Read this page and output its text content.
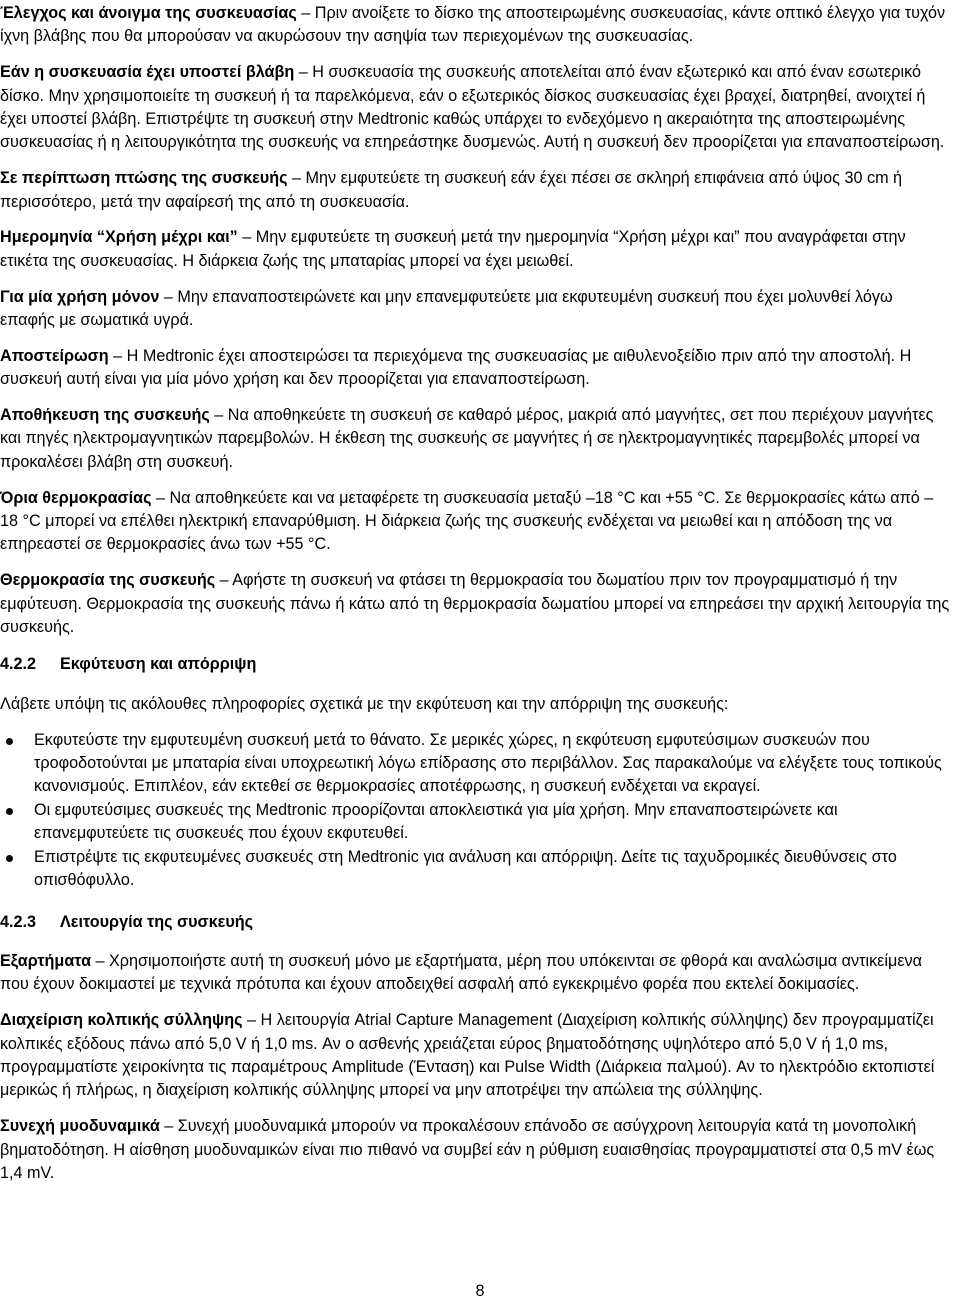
Έλεγχος και άνοιγμα της συσκευασίας – Πριν ανοίξετε το δίσκο της αποστειρωμένης συσκευασίας, κάντε οπτικό έλεγχο για τυχόν ίχνη βλάβης που θα μπορούσαν να ακυρώσουν την ασηψία των περιεχομένων της συσκευασίας.

Εάν η συσκευασία έχει υποστεί βλάβη – Η συσκευασία της συσκευής αποτελείται από έναν εξωτερικό και από έναν εσωτερικό δίσκο. Μην χρησιμοποιείτε τη συσκευή ή τα παρελκόμενα, εάν ο εξωτερικός δίσκος συσκευασίας έχει βραχεί, διατρηθεί, ανοιχτεί ή έχει υποστεί βλάβη. Επιστρέψτε τη συσκευή στην Medtronic καθώς υπάρχει το ενδεχόμενο η ακεραιότητα της αποστειρωμένης συσκευασίας ή η λειτουργικότητα της συσκευής να επηρεάστηκε δυσμενώς. Αυτή η συσκευή δεν προορίζεται για επαναποστείρωση.

Σε περίπτωση πτώσης της συσκευής – Μην εμφυτεύετε τη συσκευή εάν έχει πέσει σε σκληρή επιφάνεια από ύψος 30 cm ή περισσότερο, μετά την αφαίρεσή της από τη συσκευασία.

Ημερομηνία “Χρήση μέχρι και” – Μην εμφυτεύετε τη συσκευή μετά την ημερομηνία “Χρήση μέχρι και” που αναγράφεται στην ετικέτα της συσκευασίας. Η διάρκεια ζωής της μπαταρίας μπορεί να έχει μειωθεί.

Για μία χρήση μόνον – Μην επαναποστειρώνετε και μην επανεμφυτεύετε μια εκφυτευμένη συσκευή που έχει μολυνθεί λόγω επαφής με σωματικά υγρά.

Αποστείρωση – Η Medtronic έχει αποστειρώσει τα περιεχόμενα της συσκευασίας με αιθυλενοξείδιο πριν από την αποστολή. Η συσκευή αυτή είναι για μία μόνο χρήση και δεν προορίζεται για επαναποστείρωση.

Αποθήκευση της συσκευής – Να αποθηκεύετε τη συσκευή σε καθαρό μέρος, μακριά από μαγνήτες, σετ που περιέχουν μαγνήτες και πηγές ηλεκτρομαγνητικών παρεμβολών. Η έκθεση της συσκευής σε μαγνήτες ή σε ηλεκτρομαγνητικές παρεμβολές μπορεί να προκαλέσει βλάβη στη συσκευή.

Όρια θερμοκρασίας – Να αποθηκεύετε και να μεταφέρετε τη συσκευασία μεταξύ –18 °C και +55 °C. Σε θερμοκρασίες κάτω από –18 °C μπορεί να επέλθει ηλεκτρική επαναρύθμιση. Η διάρκεια ζωής της συσκευής ενδέχεται να μειωθεί και η απόδοση της να επηρεαστεί σε θερμοκρασίες άνω των +55 °C.

Θερμοκρασία της συσκευής – Αφήστε τη συσκευή να φτάσει τη θερμοκρασία του δωματίου πριν τον προγραμματισμό ή την εμφύτευση. Θερμοκρασία της συσκευής πάνω ή κάτω από τη θερμοκρασία δωματίου μπορεί να επηρεάσει την αρχική λειτουργία της συσκευής.

4.2.2 Εκφύτευση και απόρριψη

Λάβετε υπόψη τις ακόλουθες πληροφορίες σχετικά με την εκφύτευση και την απόρριψη της συσκευής:

Εκφυτεύστε την εμφυτευμένη συσκευή μετά το θάνατο. Σε μερικές χώρες, η εκφύτευση εμφυτεύσιμων συσκευών που τροφοδοτούνται με μπαταρία είναι υποχρεωτική λόγω επίδρασης στο περιβάλλον. Σας παρακαλούμε να ελέγξετε τους τοπικούς κανονισμούς. Επιπλέον, εάν εκτεθεί σε θερμοκρασίες αποτέφρωσης, η συσκευή ενδέχεται να εκραγεί.
Οι εμφυτεύσιμες συσκευές της Medtronic προορίζονται αποκλειστικά για μία χρήση. Μην επαναποστειρώνετε και επανεμφυτεύετε τις συσκευές που έχουν εκφυτευθεί.
Επιστρέψτε τις εκφυτευμένες συσκευές στη Medtronic για ανάλυση και απόρριψη. Δείτε τις ταχυδρομικές διευθύνσεις στο οπισθόφυλλο.
4.2.3 Λειτουργία της συσκευής

Εξαρτήματα – Χρησιμοποιήστε αυτή τη συσκευή μόνο με εξαρτήματα, μέρη που υπόκεινται σε φθορά και αναλώσιμα αντικείμενα που έχουν δοκιμαστεί με τεχνικά πρότυπα και έχουν αποδειχθεί ασφαλή από εγκεκριμένο φορέα που εκτελεί δοκιμασίες.

Διαχείριση κολπικής σύλληψης – Η λειτουργία Atrial Capture Management (Διαχείριση κολπικής σύλληψης) δεν προγραμματίζει κολπικές εξόδους πάνω από 5,0 V ή 1,0 ms. Αν ο ασθενής χρειάζεται εύρος βηματοδότησης υψηλότερο από 5,0 V ή 1,0 ms, προγραμματίστε χειροκίνητα τις παραμέτρους Amplitude (Ένταση) και Pulse Width (Διάρκεια παλμού). Αν το ηλεκτρόδιο εκτοπιστεί μερικώς ή πλήρως, η διαχείριση κολπικής σύλληψης μπορεί να μην αποτρέψει την απώλεια της σύλληψης.

Συνεχή μυοδυναμικά – Συνεχή μυοδυναμικά μπορούν να προκαλέσουν επάνοδο σε ασύγχρονη λειτουργία κατά τη μονοπολική βηματοδότηση. Η αίσθηση μυοδυναμικών είναι πιο πιθανό να συμβεί εάν η ρύθμιση ευαισθησίας προγραμματιστεί στα 0,5 mV έως 1,4 mV.

8
